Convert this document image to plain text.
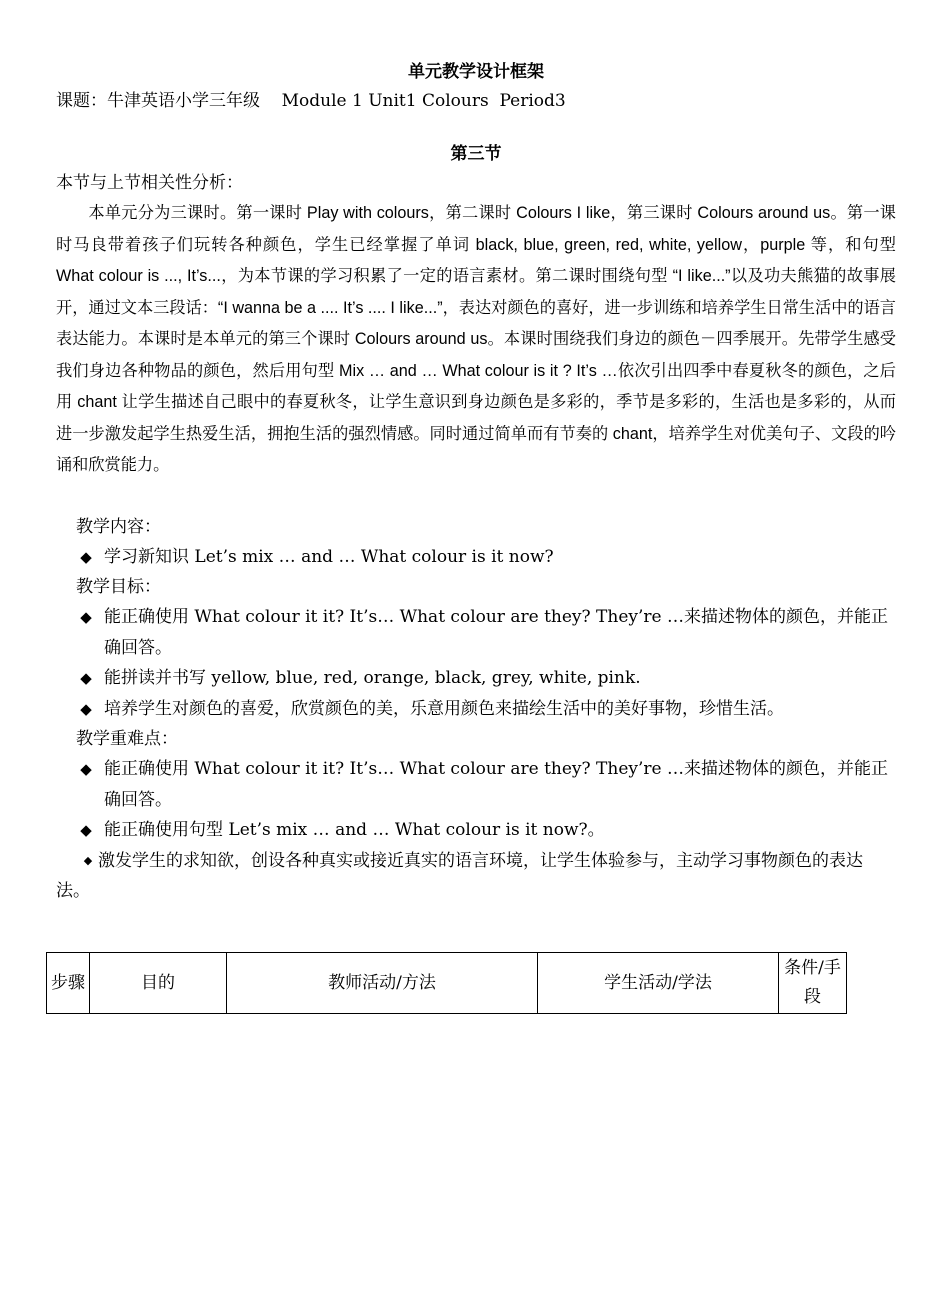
单元教学设计框架
课题：牛津英语小学三年级    Module 1 Unit1 Colours  Period3
第三节
本节与上节相关性分析：

本单元分为三课时。第一课时 Play with colours，第二课时 Colours I like，第三课时 Colours around us。第一课时马良带着孩子们玩转各种颜色，学生已经掌握了单词 black, blue, green, red, white, yellow，purple 等，和句型 What colour is ..., It’s...，为本节课的学习积累了一定的语言素材。第二课时围绕句型 “I like...”以及功夫熊猫的故事展开，通过文本三段话：“I wanna be a .... It’s .... I like...”，表达对颜色的喜好，进一步训练和培养学生日常生活中的语言表达能力。本课时是本单元的第三个课时 Colours around us。本课时围绕我们身边的颜色－四季展开。先带学生感受我们身边各种物品的颜色，然后用句型 Mix … and … What colour is it ? It’s …依次引出四季中春夏秋冬的颜色，之后用 chant 让学生描述自己眼中的春夏秋冬，让学生意识到身边颜色是多彩的，季节是多彩的，生活也是多彩的，从而进一步激发起学生热爱生活，拥抱生活的强烈情感。同时通过简单而有节奏的 chant，培养学生对优美句子、文段的吟诵和欣赏能力。

教学内容：
◆ 学习新知识 Let’s mix … and … What colour is it now?
教学目标：
◆ 能正确使用 What colour it it? It’s… What colour are they? They’re …来描述物体的颜色，并能正确回答。
◆ 能拼读并书写 yellow, blue, red, orange, black, grey, white, pink.
◆ 培养学生对颜色的喜爱，欣赏颜色的美，乐意用颜色来描绘生活中的美好事物，珍惜生活。
教学重难点：
◆ 能正确使用 What colour it it? It’s… What colour are they? They’re …来描述物体的颜色，并能正确回答。
◆ 能正确使用句型 Let’s mix … and … What colour is it now?。
◆ 激发学生的求知欲，创设各种真实或接近真实的语言环境，让学生体验参与，主动学习事物颜色的表达法。
步骤	目的	教师活动/方法	学生活动/学法	条件/手段
